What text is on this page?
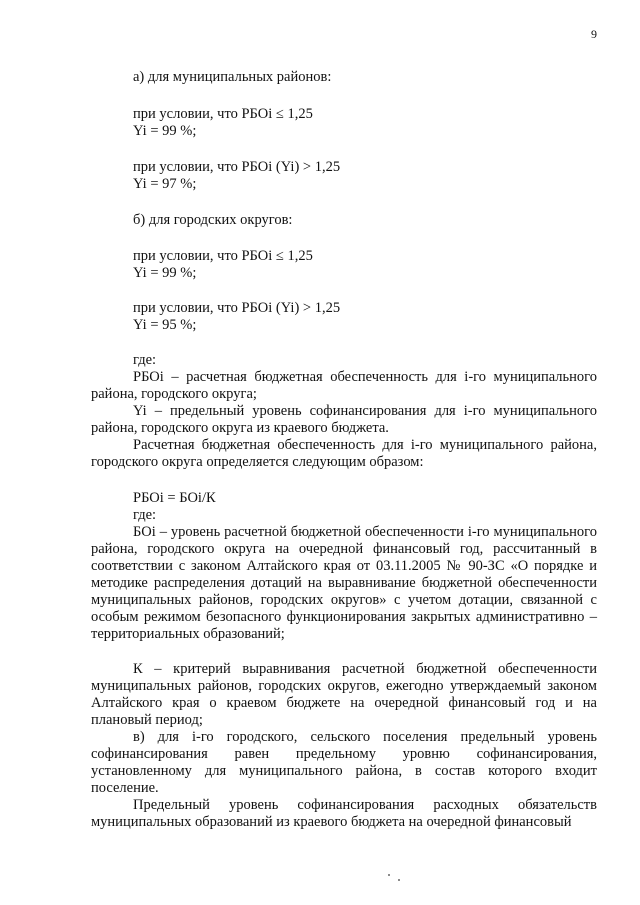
9
а) для муниципальных районов:
при условии, что РБОi ≤ 1,25
Yi = 99 %;
при условии, что РБОi (Yi) > 1,25
Yi = 97 %;
б) для городских округов:
при условии, что РБОi ≤ 1,25
Yi = 99 %;
при условии, что РБОi (Yi) > 1,25
Yi = 95 %;
где:
РБОi – расчетная бюджетная обеспеченность для i-го муниципального района, городского округа;
Yi – предельный уровень софинансирования для i-го муниципального района, городского округа из краевого бюджета.
Расчетная бюджетная обеспеченность для i-го муниципального района, городского округа определяется следующим образом:
РБОi = БОi/К
где:
БОi – уровень расчетной бюджетной обеспеченности i-го муниципального района, городского округа на очередной финансовый год, рассчитанный в соответствии с законом Алтайского края от 03.11.2005 № 90-ЗС «О порядке и методике распределения дотаций на выравнивание бюджетной обеспеченности муниципальных районов, городских округов» с учетом дотации, связанной с особым режимом безопасного функционирования закрытых административно – территориальных образований;
К – критерий выравнивания расчетной бюджетной обеспеченности муниципальных районов, городских округов, ежегодно утверждаемый законом Алтайского края о краевом бюджете на очередной финансовый год и на плановый период;
в) для i-го городского, сельского поселения предельный уровень софинансирования равен предельному уровню софинансирования, установленному для муниципального района, в состав которого входит поселение.
Предельный уровень софинансирования расходных обязательств муниципальных образований из краевого бюджета на очередной финансовый
